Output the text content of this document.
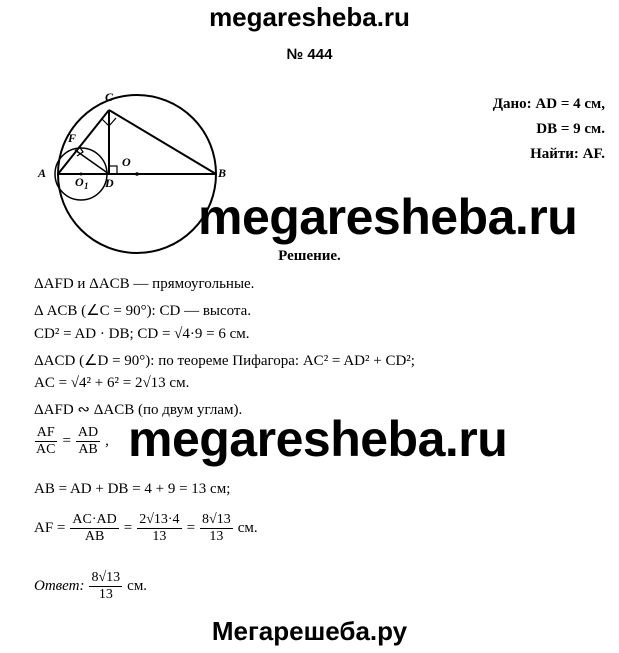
megaresheba.ru
№ 444
C
F
A	B
D
O
O 1
Дано: AD = 4 см,
DB = 9 см.
Найти: AF.
megaresheba.ru
Решение.
ΔAFD и ΔACB — прямоугольные.
Δ ACB (∠C = 90°): CD — высота.
CD² = AD · DB; CD = √4·9 = 6 см.
ΔACD (∠D = 90°): по теореме Пифагора: AC² = AD² + CD²;
AC = √4² + 6² = 2√13 см.
ΔAFD ∾ ΔACB (по двум углам).
$\frac{AF}{AC} = \frac{AD}{AB}$ , megaresheba.ru
AB = AD + DB = 4 + 9 = 13 см;
AF = $\frac{AC\cdot AD}{AB} = \frac{2√13\cdot 4}{13} = \frac{8√13}{13}$ см.
Ответ: $\frac{8√13}{13}$ см.
Мегарешеба.ру
